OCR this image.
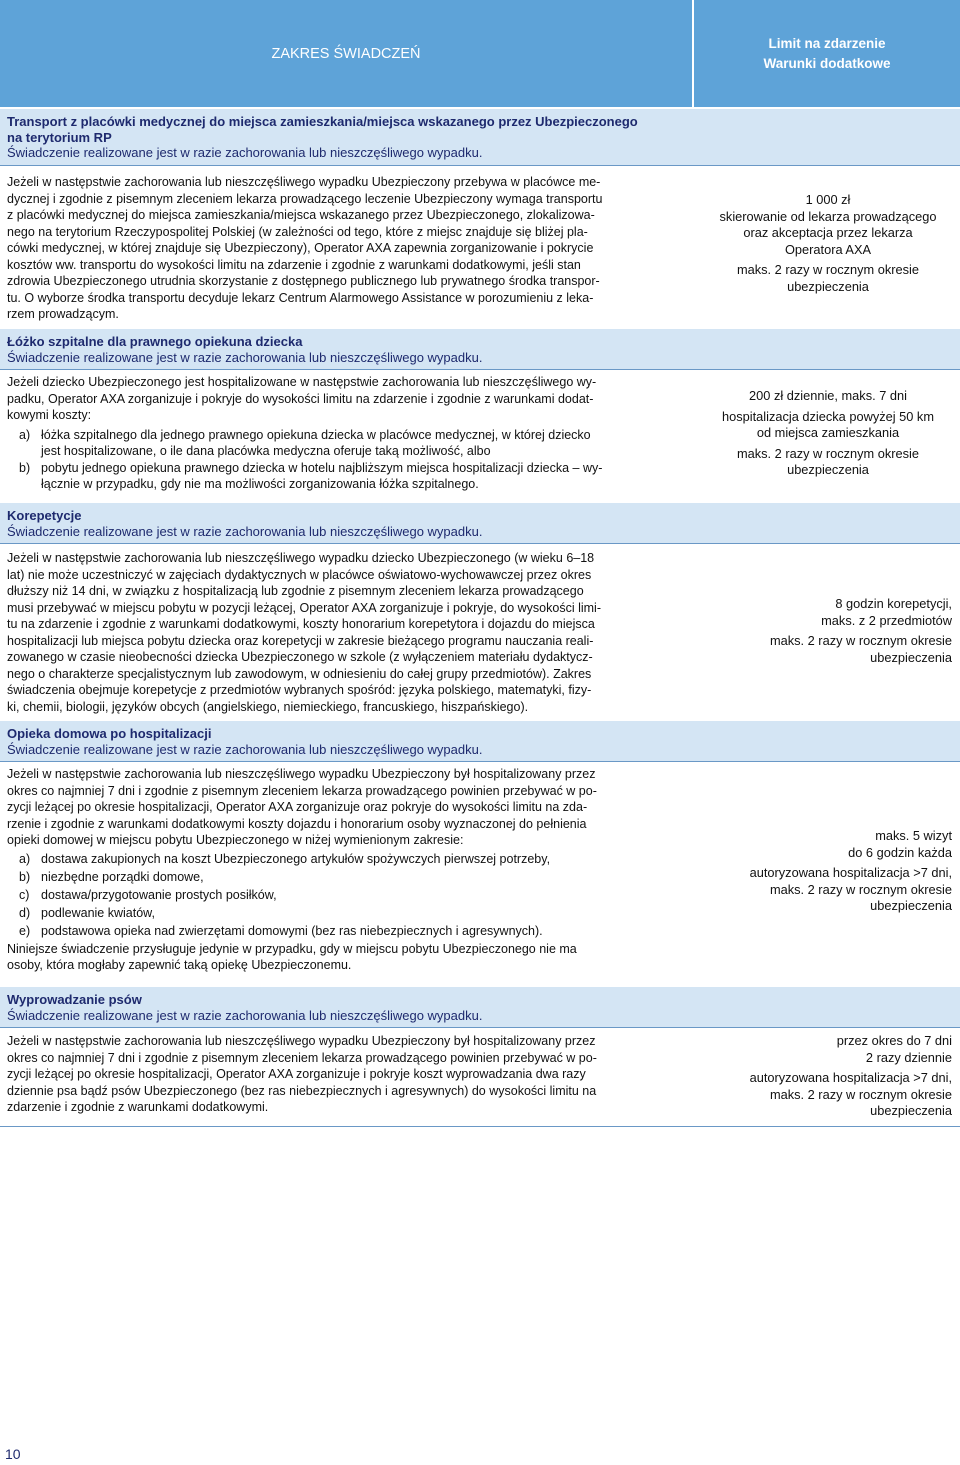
ZAKRES ŚWIADCZEŃ
Limit na zdarzenie
Warunki dodatkowe
Transport z placówki medycznej do miejsca zamieszkania/miejsca wskazanego przez Ubezpieczonego
na terytorium RP
Świadczenie realizowane jest w razie zachorowania lub nieszczęśliwego wypadku.

Jeżeli w następstwie zachorowania lub nieszczęśliwego wypadku Ubezpieczony przebywa w placówce me-

dycznej i zgodnie z pisemnym zleceniem lekarza prowadzącego leczenie Ubezpieczony wymaga transportu

z placówki medycznej do miejsca zamieszkania/miejsca wskazanego przez Ubezpieczonego, zlokalizowa-

nego na terytorium Rzeczypospolitej Polskiej (w zależności od tego, które z miejsc znajduje się bliżej pla-

cówki medycznej, w której znajduje się Ubezpieczony), Operator AXA zapewnia zorganizowanie i pokrycie

kosztów ww. transportu do wysokości limitu na zdarzenie i zgodnie z warunkami dodatkowymi, jeśli stan

zdrowia Ubezpieczonego utrudnia skorzystanie z dostępnego publicznego lub prywatnego środka transpor-

tu. O wyborze środka transportu decyduje lekarz Centrum Alarmowego Assistance w porozumieniu z leka-

rzem prowadzącym.

1 000 zł
skierowanie od lekarza prowadzącego
oraz akceptacja przez lekarza
Operatora AXA
maks. 2 razy w rocznym okresie
ubezpieczenia
Łóżko szpitalne dla prawnego opiekuna dziecka
Świadczenie realizowane jest w razie zachorowania lub nieszczęśliwego wypadku.

Jeżeli dziecko Ubezpieczonego jest hospitalizowane w następstwie zachorowania lub nieszczęśliwego wy-

padku, Operator AXA zorganizuje i pokryje do wysokości limitu na zdarzenie i zgodnie z warunkami dodat-

kowymi koszty:

a) łóżka szpitalnego dla jednego prawnego opiekuna dziecka w placówce medycznej, w której dziecko

jest hospitalizowane, o ile dana placówka medyczna oferuje taką możliwość, albo

b) pobytu jednego opiekuna prawnego dziecka w hotelu najbliższym miejsca hospitalizacji dziecka – wy-

łącznie w przypadku, gdy nie ma możliwości zorganizowania łóżka szpitalnego.

200 zł dziennie, maks. 7 dni
hospitalizacja dziecka powyżej 50 km
od miejsca zamieszkania
maks. 2 razy w rocznym okresie
ubezpieczenia
Korepetycje
Świadczenie realizowane jest w razie zachorowania lub nieszczęśliwego wypadku.

Jeżeli w następstwie zachorowania lub nieszczęśliwego wypadku dziecko Ubezpieczonego (w wieku 6–18

lat) nie może uczestniczyć w zajęciach dydaktycznych w placówce oświatowo-wychowawczej przez okres

dłuższy niż 14 dni, w związku z hospitalizacją lub zgodnie z pisemnym zleceniem lekarza prowadzącego

musi przebywać w miejscu pobytu w pozycji leżącej, Operator AXA zorganizuje i pokryje, do wysokości limi-

tu na zdarzenie i zgodnie z warunkami dodatkowymi, koszty honorarium korepetytora i dojazdu do miejsca

hospitalizacji lub miejsca pobytu dziecka oraz korepetycji w zakresie bieżącego programu nauczania reali-

zowanego w czasie nieobecności dziecka Ubezpieczonego w szkole (z wyłączeniem materiału dydaktycz-

nego o charakterze specjalistycznym lub zawodowym, w odniesieniu do całej grupy przedmiotów). Zakres

świadczenia obejmuje korepetycje z przedmiotów wybranych spośród: języka polskiego, matematyki, fizy-

ki, chemii, biologii, języków obcych (angielskiego, niemieckiego, francuskiego, hiszpańskiego).

8 godzin korepetycji,
maks. z 2 przedmiotów
maks. 2 razy w rocznym okresie
ubezpieczenia
Opieka domowa po hospitalizacji
Świadczenie realizowane jest w razie zachorowania lub nieszczęśliwego wypadku.

Jeżeli w następstwie zachorowania lub nieszczęśliwego wypadku Ubezpieczony był hospitalizowany przez

okres co najmniej 7 dni i zgodnie z pisemnym zleceniem lekarza prowadzącego powinien przebywać w po-

zycji leżącej po okresie hospitalizacji, Operator AXA zorganizuje oraz pokryje do wysokości limitu na zda-

rzenie i zgodnie z warunkami dodatkowymi koszty dojazdu i honorarium osoby wyznaczonej do pełnienia

opieki domowej w miejscu pobytu Ubezpieczonego w niżej wymienionym zakresie:

a) dostawa zakupionych na koszt Ubezpieczonego artykułów spożywczych pierwszej potrzeby,
b) niezbędne porządki domowe,
c) dostawa/przygotowanie prostych posiłków,
d) podlewanie kwiatów,
e) podstawowa opieka nad zwierzętami domowymi (bez ras niebezpiecznych i agresywnych).

Niniejsze świadczenie przysługuje jedynie w przypadku, gdy w miejscu pobytu Ubezpieczonego nie ma

osoby, która mogłaby zapewnić taką opiekę Ubezpieczonemu.

maks. 5 wizyt
do 6 godzin każda
autoryzowana hospitalizacja >7 dni,
maks. 2 razy w rocznym okresie
ubezpieczenia
Wyprowadzanie psów
Świadczenie realizowane jest w razie zachorowania lub nieszczęśliwego wypadku.

Jeżeli w następstwie zachorowania lub nieszczęśliwego wypadku Ubezpieczony był hospitalizowany przez

okres co najmniej 7 dni i zgodnie z pisemnym zleceniem lekarza prowadzącego powinien przebywać w po-

zycji leżącej po okresie hospitalizacji, Operator AXA zorganizuje i pokryje koszt wyprowadzania dwa razy

dziennie psa bądź psów Ubezpieczonego (bez ras niebezpiecznych i agresywnych) do wysokości limitu na

zdarzenie i zgodnie z warunkami dodatkowymi.

przez okres do 7 dni
2 razy dziennie
autoryzowana hospitalizacja >7 dni,
maks. 2 razy w rocznym okresie
ubezpieczenia
10
